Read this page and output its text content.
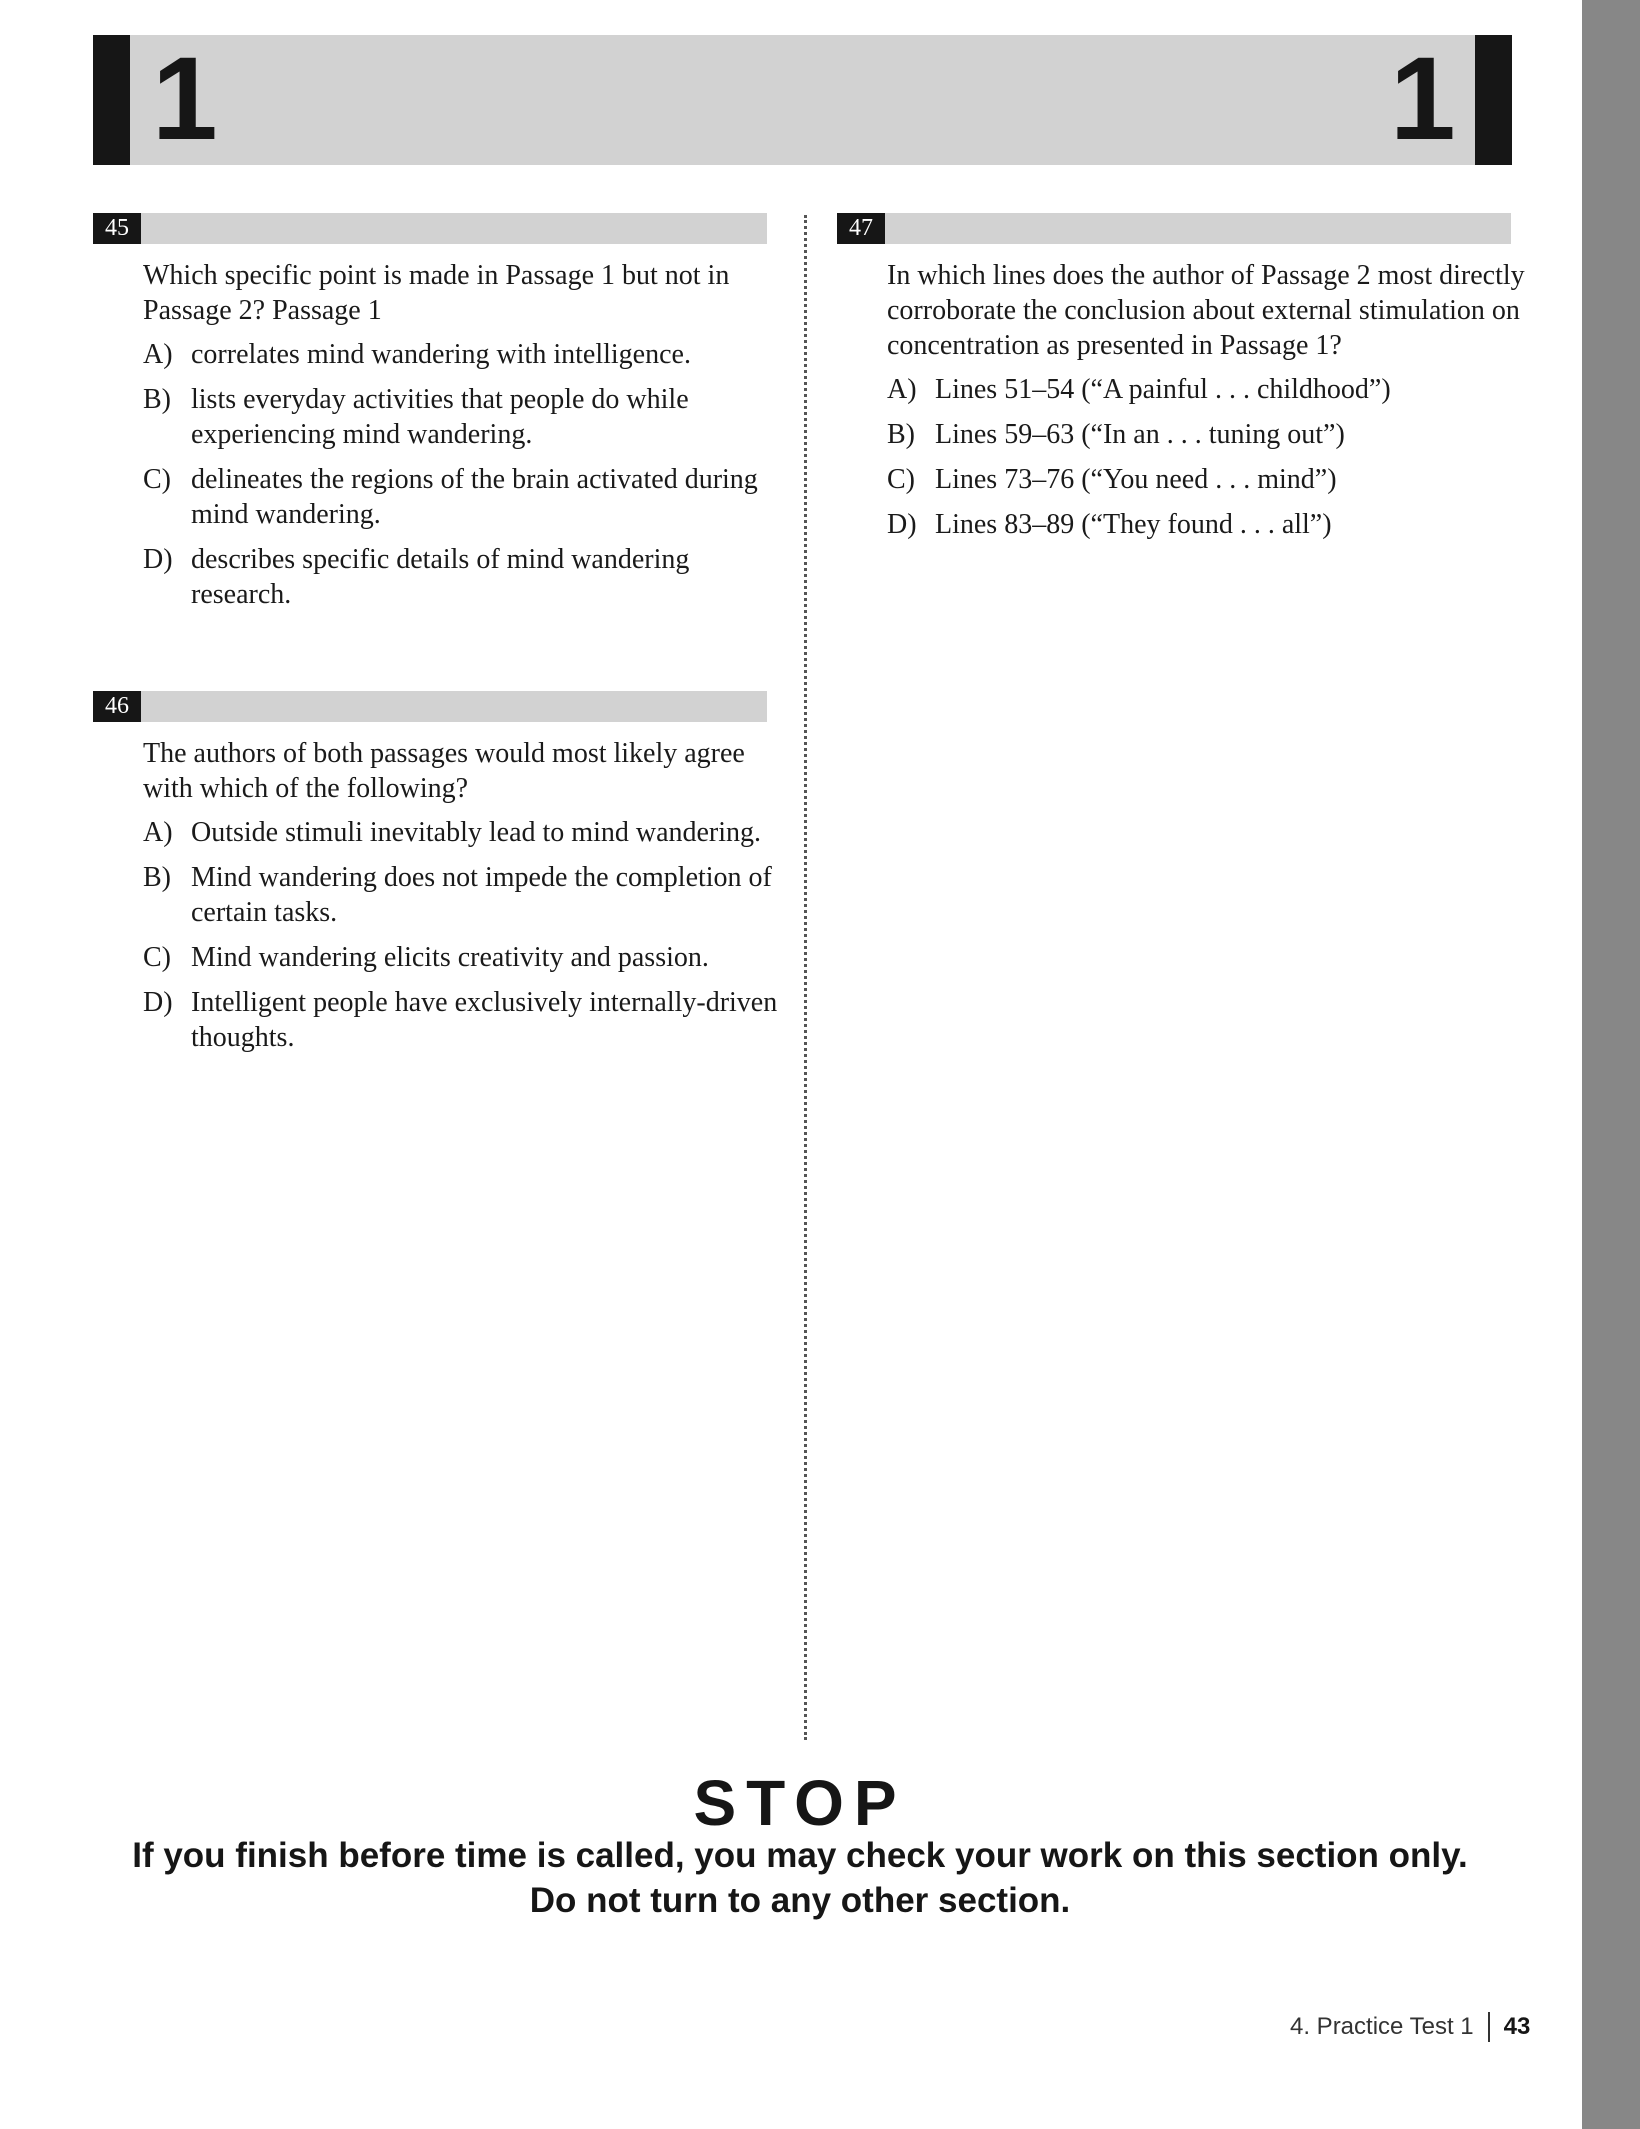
1	1
45
Which specific point is made in Passage 1 but not in Passage 2? Passage 1
A) correlates mind wandering with intelligence.
B) lists everyday activities that people do while experiencing mind wandering.
C) delineates the regions of the brain activated during mind wandering.
D) describes specific details of mind wandering research.
46
The authors of both passages would most likely agree with which of the following?
A) Outside stimuli inevitably lead to mind wandering.
B) Mind wandering does not impede the completion of certain tasks.
C) Mind wandering elicits creativity and passion.
D) Intelligent people have exclusively internally-driven thoughts.
47
In which lines does the author of Passage 2 most directly corroborate the conclusion about external stimulation on concentration as presented in Passage 1?
A) Lines 51–54 (“A painful . . . childhood”)
B) Lines 59–63 (“In an . . . tuning out”)
C) Lines 73–76 (“You need . . . mind”)
D) Lines 83–89 (“They found . . . all”)
STOP
If you finish before time is called, you may check your work on this section only.
Do not turn to any other section.
4. Practice Test 1 43
